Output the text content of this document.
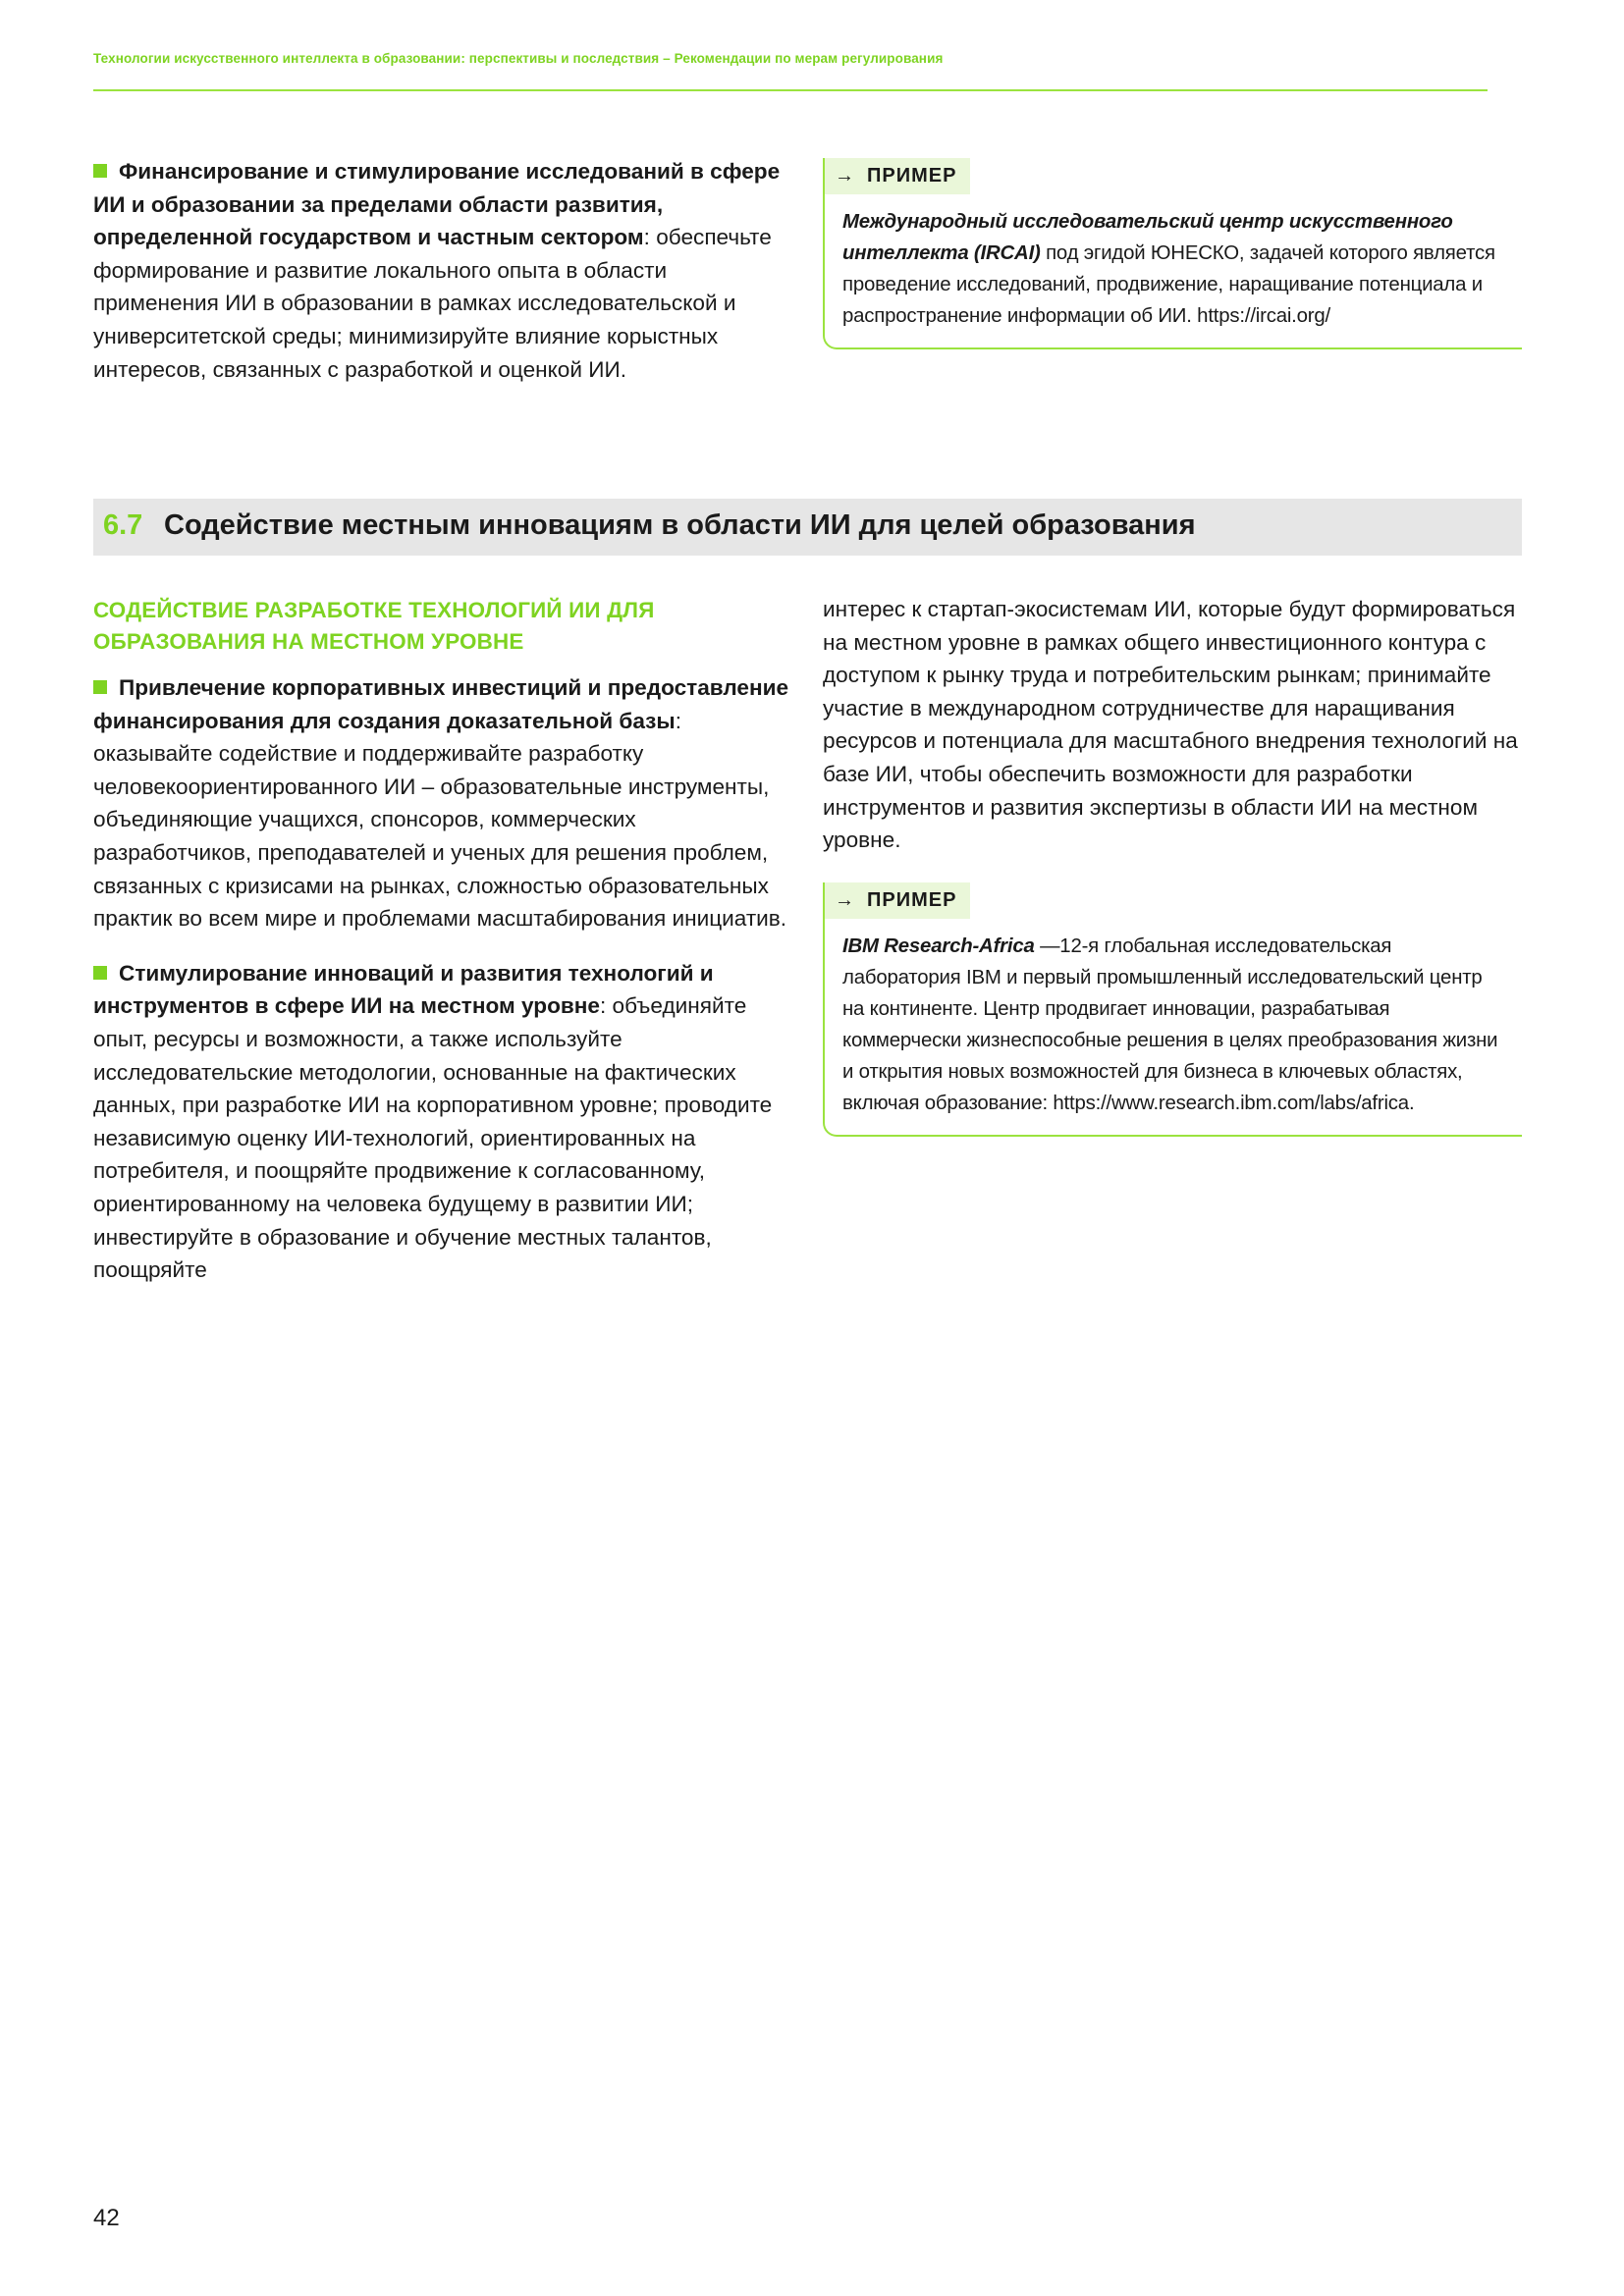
Технологии искусственного интеллекта в образовании: перспективы и последствия – Рекомендации по мерам регулирования

Финансирование и стимулирование исследований в сфере ИИ и образовании за пределами области развития, определенной государством и частным сектором: обеспечьте формирование и развитие локального опыта в области применения ИИ в образовании в рамках исследовательской и университетской среды; минимизируйте влияние корыстных интересов, связанных с разработкой и оценкой ИИ.

→ ПРИМЕР

Международный исследовательский центр искусственного интеллекта (IRCAI) под эгидой ЮНЕСКО, задачей которого является проведение исследований, продвижение, наращивание потенциала и распространение информации об ИИ. https://ircai.org/

6.7 Содействие местным инновациям в области ИИ для целей образования

СОДЕЙСТВИЕ РАЗРАБОТКЕ ТЕХНОЛОГИЙ ИИ ДЛЯ ОБРАЗОВАНИЯ НА МЕСТНОМ УРОВНЕ

Привлечение корпоративных инвестиций и предоставление финансирования для создания доказательной базы: оказывайте содействие и поддерживайте разработку человекоориентированного ИИ – образовательные инструменты, объединяющие учащихся, спонсоров, коммерческих разработчиков, преподавателей и ученых для решения проблем, связанных с кризисами на рынках, сложностью образовательных практик во всем мире и проблемами масштабирования инициатив.

Стимулирование инноваций и развития технологий и инструментов в сфере ИИ на местном уровне: объединяйте опыт, ресурсы и возможности, а также используйте исследовательские методологии, основанные на фактических данных, при разработке ИИ на корпоративном уровне; проводите независимую оценку ИИ-технологий, ориентированных на потребителя, и поощряйте продвижение к согласованному, ориентированному на человека будущему в развитии ИИ; инвестируйте в образование и обучение местных талантов, поощряйте

интерес к стартап-экосистемам ИИ, которые будут формироваться на местном уровне в рамках общего инвестиционного контура с доступом к рынку труда и потребительским рынкам; принимайте участие в международном сотрудничестве для наращивания ресурсов и потенциала для масштабного внедрения технологий на базе ИИ, чтобы обеспечить возможности для разработки инструментов и развития экспертизы в области ИИ на местном уровне.

→ ПРИМЕР

IBM Research-Africa —12-я глобальная исследовательская лаборатория IBM и первый промышленный исследовательский центр на континенте. Центр продвигает инновации, разрабатывая коммерчески жизнеспособные решения в целях преобразования жизни и открытия новых возможностей для бизнеса в ключевых областях, включая образование: https://www.research.ibm.com/labs/africa.

42
